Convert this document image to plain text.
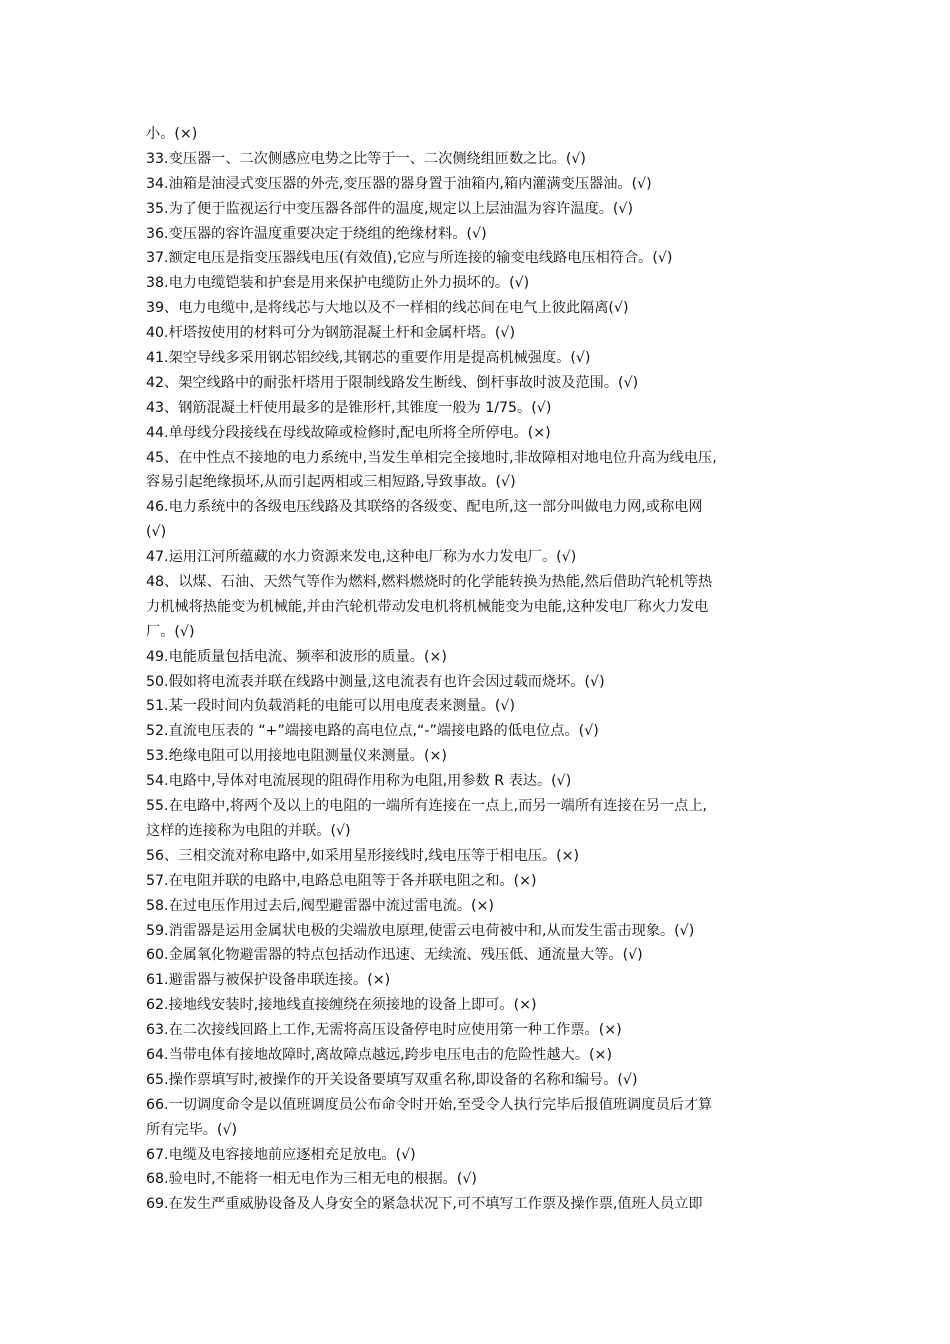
小。(×)
33.变压器一、二次侧感应电势之比等于一、二次侧绕组匝数之比。(√)
34.油箱是油浸式变压器的外壳,变压器的器身置于油箱内,箱内灌满变压器油。(√)
35.为了便于监视运行中变压器各部件的温度,规定以上层油温为容许温度。(√)
36.变压器的容许温度重要决定于绕组的绝缘材料。(√)
37.额定电压是指变压器线电压(有效值),它应与所连接的输变电线路电压相符合。(√)
38.电力电缆铠装和护套是用来保护电缆防止外力损坏的。(√)
39、电力电缆中,是将线芯与大地以及不一样相的线芯间在电气上彼此隔离(√)
40.杆塔按使用的材料可分为钢筋混凝土杆和金属杆塔。(√)
41.架空导线多采用钢芯铝绞线,其钢芯的重要作用是提高机械强度。(√)
42、架空线路中的耐张杆塔用于限制线路发生断线、倒杆事故时波及范围。(√)
43、钢筋混凝土杆使用最多的是锥形杆,其锥度一般为 1/75。(√)
44.单母线分段接线在母线故障或检修时,配电所将全所停电。(×)
45、在中性点不接地的电力系统中,当发生单相完全接地时,非故障相对地电位升高为线电压,
容易引起绝缘损坏,从而引起两相或三相短路,导致事故。(√)
46.电力系统中的各级电压线路及其联络的各级变、配电所,这一部分叫做电力网,或称电网
(√)
47.运用江河所蕴藏的水力资源来发电,这种电厂称为水力发电厂。(√)
48、以煤、石油、天然气等作为燃料,燃料燃烧时的化学能转换为热能,然后借助汽轮机等热
力机械将热能变为机械能,并由汽轮机带动发电机将机械能变为电能,这种发电厂称火力发电
厂。(√)
49.电能质量包括电流、频率和波形的质量。(×)
50.假如将电流表并联在线路中测量,这电流表有也许会因过载而烧坏。(√)
51.某一段时间内负载消耗的电能可以用电度表来测量。(√)
52.直流电压表的 “+”端接电路的高电位点,“-”端接电路的低电位点。(√)
53.绝缘电阻可以用接地电阻测量仪来测量。(×)
54.电路中,导体对电流展现的阻碍作用称为电阻,用参数 R 表达。(√)
55.在电路中,将两个及以上的电阻的一端所有连接在一点上,而另一端所有连接在另一点上,
这样的连接称为电阻的并联。(√)
56、三相交流对称电路中,如采用星形接线时,线电压等于相电压。(×)
57.在电阻并联的电路中,电路总电阻等于各并联电阻之和。(×)
58.在过电压作用过去后,阀型避雷器中流过雷电流。(×)
59.消雷器是运用金属状电极的尖端放电原理,使雷云电荷被中和,从而发生雷击现象。(√)
60.金属氧化物避雷器的特点包括动作迅速、无续流、残压低、通流量大等。(√)
61.避雷器与被保护设备串联连接。(×)
62.接地线安装时,接地线直接缠绕在须接地的设备上即可。(×)
63.在二次接线回路上工作,无需将高压设备停电时应使用第一种工作票。(×)
64.当带电体有接地故障时,离故障点越远,跨步电压电击的危险性越大。(×)
65.操作票填写时,被操作的开关设备要填写双重名称,即设备的名称和编号。(√)
66.一切调度命令是以值班调度员公布命令时开始,至受令人执行完毕后报值班调度员后才算
所有完毕。(√)
67.电缆及电容接地前应逐相充足放电。(√)
68.验电时,不能将一相无电作为三相无电的根据。(√)
69.在发生严重威胁设备及人身安全的紧急状况下,可不填写工作票及操作票,值班人员立即
